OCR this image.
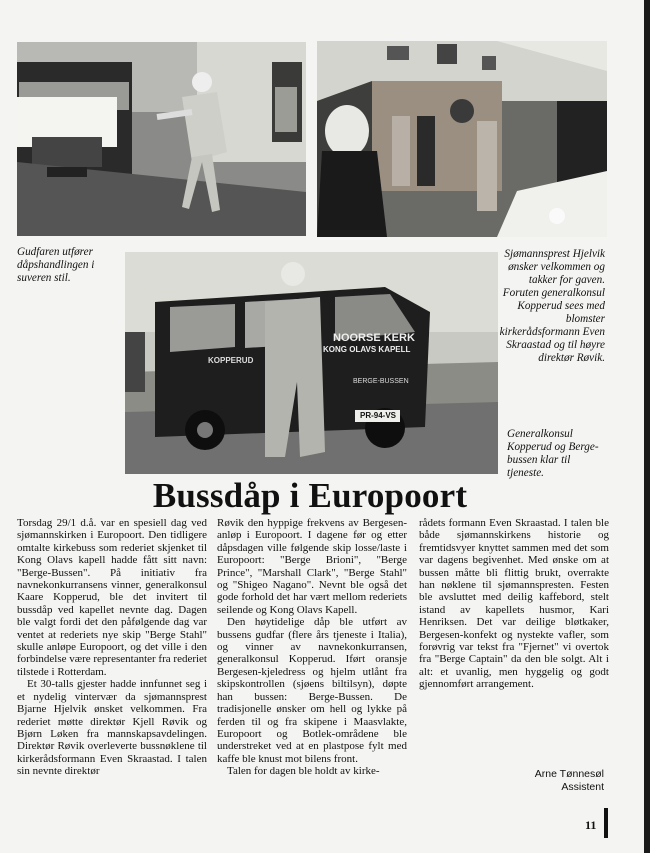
NOORSE KERK
KONG OLAVS KAPELL
KOPPERUD
BERGE-BUSSEN
PR-94-VS
Gudfaren utfører dåpshandlingen i suveren stil.
Sjømannsprest Hjelvik ønsker velkommen og takker for gaven. Foruten generalkonsul Kopperud sees med blomster kirkerådsformann Even Skraastad og til høyre direktør Røvik.
Generalkonsul Kopperud og Berge-bussen klar til tjeneste.
Bussdåp i Europoort

Torsdag 29/1 d.å. var en spesiell dag ved sjømannskirken i Europoort. Den tidligere omtalte kirkebuss som rederiet skjenket til Kong Olavs kapell hadde fått sitt navn: "Berge-Bussen". På initiativ fra navnekonkurransens vinner, generalkonsul Kaare Kopperud, ble det invitert til bussdåp ved kapellet nevnte dag. Dagen ble valgt fordi det den påfølgende dag var ventet at rederiets nye skip "Berge Stahl" skulle anløpe Europoort, og det ville i den forbindelse være representanter fra rederiet tilstede i Rotterdam.

Et 30-talls gjester hadde innfunnet seg i et nydelig vintervær da sjømannsprest Bjarne Hjelvik ønsket velkommen. Fra rederiet møtte direktør Kjell Røvik og Bjørn Løken fra mannskapsavdelingen. Direktør Røvik overleverte bussnøklene til kirkerådsformann Even Skraastad. I talen sin nevnte direktør

Røvik den hyppige frekvens av Bergesen-anløp i Europoort. I dagene før og etter dåpsdagen ville følgende skip losse/laste i Europoort: "Berge Brioni", "Berge Prince", "Marshall Clark", "Berge Stahl" og "Shigeo Nagano". Nevnt ble også det gode forhold det har vært mellom rederiets seilende og Kong Olavs Kapell.

Den høytidelige dåp ble utført av bussens gudfar (flere års tjeneste i Italia), og vinner av navnekonkurransen, generalkonsul Kopperud. Iført oransje Bergesen-kjeledress og hjelm utlånt fra skipskontrollen (sjøens biltilsyn), døpte han bussen: Berge-Bussen. De tradisjonelle ønsker om hell og lykke på ferden til og fra skipene i Maasvlakte, Europoort og Botlek-områdene ble understreket ved at en plastpose fylt med kaffe ble knust mot bilens front.

Talen for dagen ble holdt av kirke-

rådets formann Even Skraastad. I talen ble både sjømannskirkens historie og fremtidsvyer knyttet sammen med det som var dagens begivenhet. Med ønske om at bussen måtte bli flittig brukt, overrakte han nøklene til sjømannspresten. Festen ble avsluttet med deilig kaffebord, stelt istand av kapellets husmor, Kari Henriksen. Det var deilige bløtkaker, Bergesen-konfekt og nystekte vafler, som forøvrig var tekst fra "Fjernet" vi overtok fra "Berge Captain" da den ble solgt. Alt i alt: et uvanlig, men hyggelig og godt gjennomført arrangement.

Arne Tønnesøl
Assistent
11
